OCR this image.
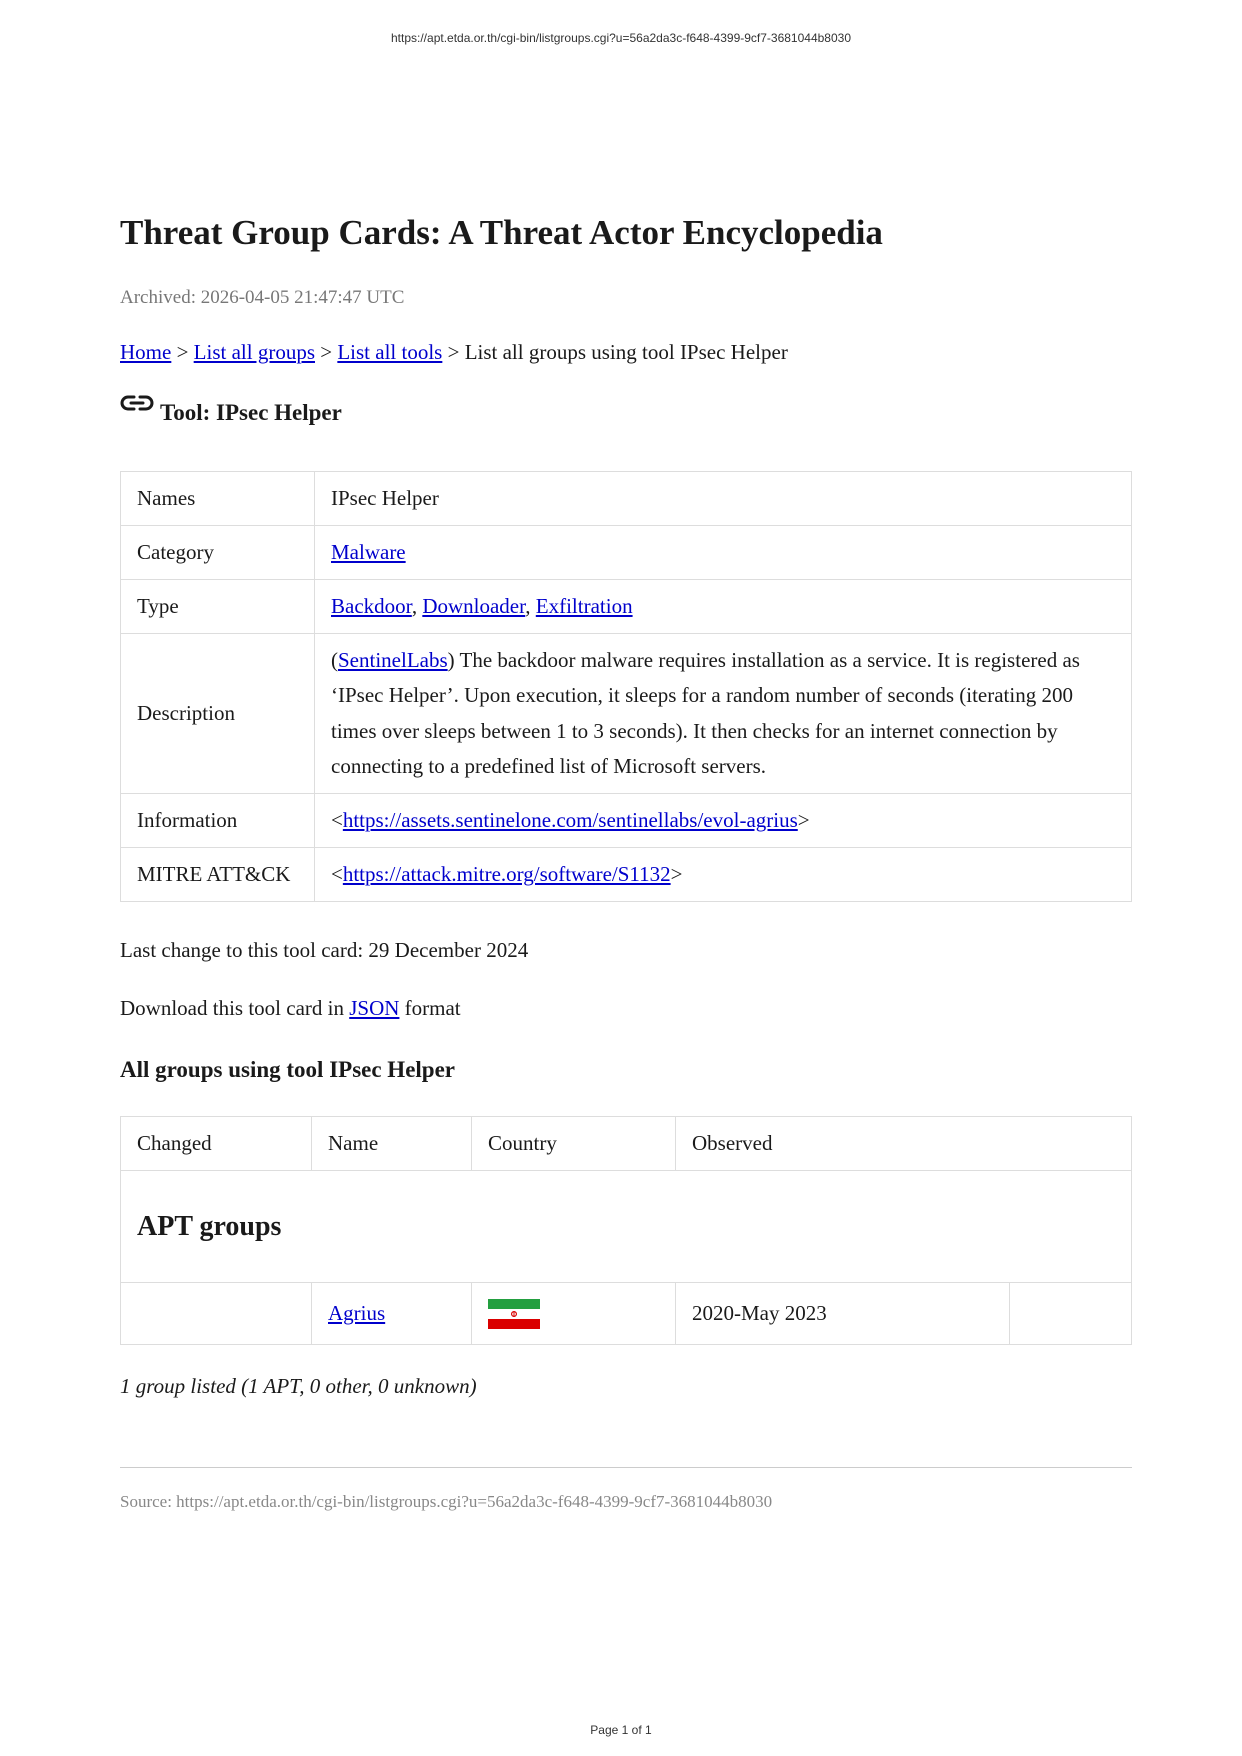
https://apt.etda.or.th/cgi-bin/listgroups.cgi?u=56a2da3c-f648-4399-9cf7-3681044b8030
Threat Group Cards: A Threat Actor Encyclopedia
Archived: 2026-04-05 21:47:47 UTC
Home > List all groups > List all tools > List all groups using tool IPsec Helper
Tool: IPsec Helper
Names	IPsec Helper
Category	Malware
Type	Backdoor, Downloader, Exfiltration
Description	(SentinelLabs) The backdoor malware requires installation as a service. It is registered as ‘IPsec Helper’. Upon execution, it sleeps for a random number of seconds (iterating 200 times over sleeps between 1 to 3 seconds). It then checks for an internet connection by connecting to a predefined list of Microsoft servers.

Information	<https://assets.sentinelone.com/sentinellabs/evol-agrius>
MITRE ATT&CK	<https://attack.mitre.org/software/S1132>
Last change to this tool card: 29 December 2024
Download this tool card in JSON format
All groups using tool IPsec Helper
Changed	Name	Country	Observed	
APT groups				
	Agrius		2020-May 2023	
1 group listed (1 APT, 0 other, 0 unknown)
Source: https://apt.etda.or.th/cgi-bin/listgroups.cgi?u=56a2da3c-f648-4399-9cf7-3681044b8030
Page 1 of 1
